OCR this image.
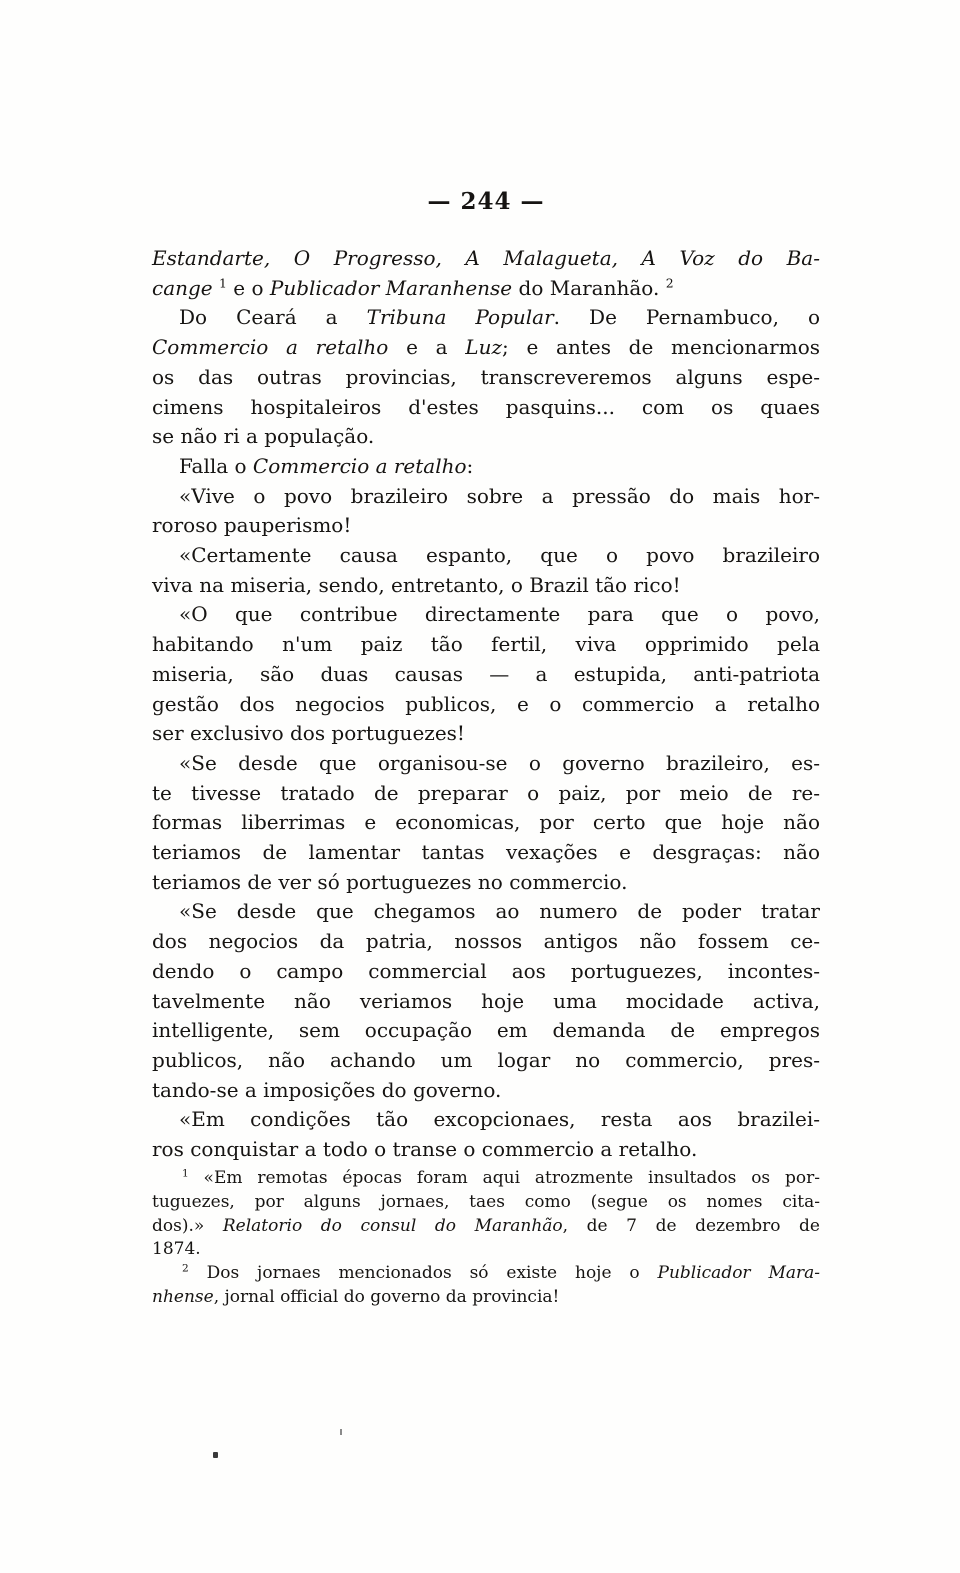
— 244 —
Estandarte, O Progresso, A Malagueta, A Voz do Ba-
cange $^1$ e o Publicador Maranhense do Maranhão. $^2$
Do Ceará a Tribuna Popular. De Pernambuco, o
Commercio a retalho e a Luz; e antes de mencionarmos
os das outras provincias, transcreveremos alguns espe-
cimens hospitaleiros d'estes pasquins... com os quaes
se não ri a população.
Falla o Commercio a retalho:
«Vive o povo brazileiro sobre a pressão do mais hor-
roroso pauperismo!
«Certamente causa espanto, que o povo brazileiro
viva na miseria, sendo, entretanto, o Brazil tão rico!
«O que contribue directamente para que o povo,
habitando n'um paiz tão fertil, viva opprimido pela
miseria, são duas causas — a estupida, anti-patriota
gestão dos negocios publicos, e o commercio a retalho
ser exclusivo dos portuguezes!
«Se desde que organisou-se o governo brazileiro, es-
te tivesse tratado de preparar o paiz, por meio de re-
formas liberrimas e economicas, por certo que hoje não
teriamos de lamentar tantas vexações e desgraças: não
teriamos de ver só portuguezes no commercio.
«Se desde que chegamos ao numero de poder tratar
dos negocios da patria, nossos antigos não fossem ce-
dendo o campo commercial aos portuguezes, incontes-
tavelmente não veriamos hoje uma mocidade activa,
intelligente, sem occupação em demanda de empregos
publicos, não achando um logar no commercio, pres-
tando-se a imposições do governo.
«Em condições tão excopcionaes, resta aos brazilei-
ros conquistar a todo o transe o commercio a retalho.
$^1$ «Em remotas épocas foram aqui atrozmente insultados os por-
tuguezes, por alguns jornaes, taes como (segue os nomes cita-
dos).» Relatorio do consul do Maranhão, de 7 de dezembro de
1874.
$^2$ Dos jornaes mencionados só existe hoje o Publicador Mara-
nhense, jornal official do governo da provincia!
